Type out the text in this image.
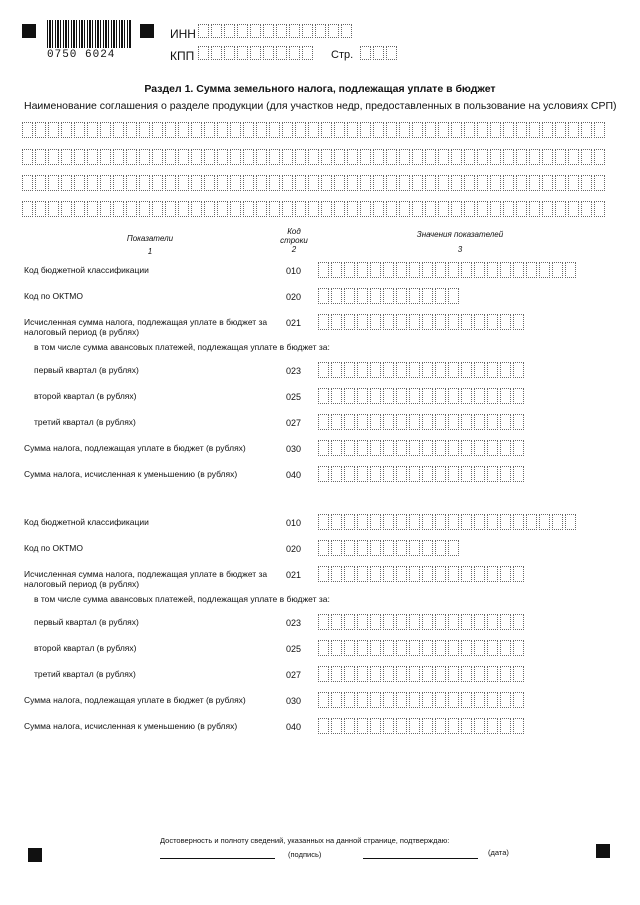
0750 6024
ИНН
КПП	Стр.
Раздел 1. Сумма земельного налога, подлежащая уплате в бюджет
Наименование соглашения о разделе продукции (для участков недр, предоставленных в пользование на условиях СРП)
Показатели
1
Код
строки
2
Значения показателей
3
Код бюджетной классификации	010
Код по ОКТМО	020
Исчисленная сумма налога, подлежащая уплате в бюджет за налоговый период (в рублях)
021
первый квартал (в рублях)	023
второй квартал (в рублях)	025
третий квартал (в рублях)	027
Сумма налога, подлежащая уплате в бюджет (в рублях)	030
Сумма налога, исчисленная к уменьшению (в рублях)	040
в том числе сумма авансовых платежей, подлежащая уплате в бюджет за:
Код бюджетной классификации	010
Код по ОКТМО	020
Исчисленная сумма налога, подлежащая уплате в бюджет за налоговый период (в рублях)
021
первый квартал (в рублях)	023
второй квартал (в рублях)	025
третий квартал (в рублях)	027
Сумма налога, подлежащая уплате в бюджет (в рублях)	030
Сумма налога, исчисленная к уменьшению (в рублях)	040
в том числе сумма авансовых платежей, подлежащая уплате в бюджет за:
Достоверность и полноту сведений, указанных на данной странице, подтверждаю:
(подпись)	(дата)
